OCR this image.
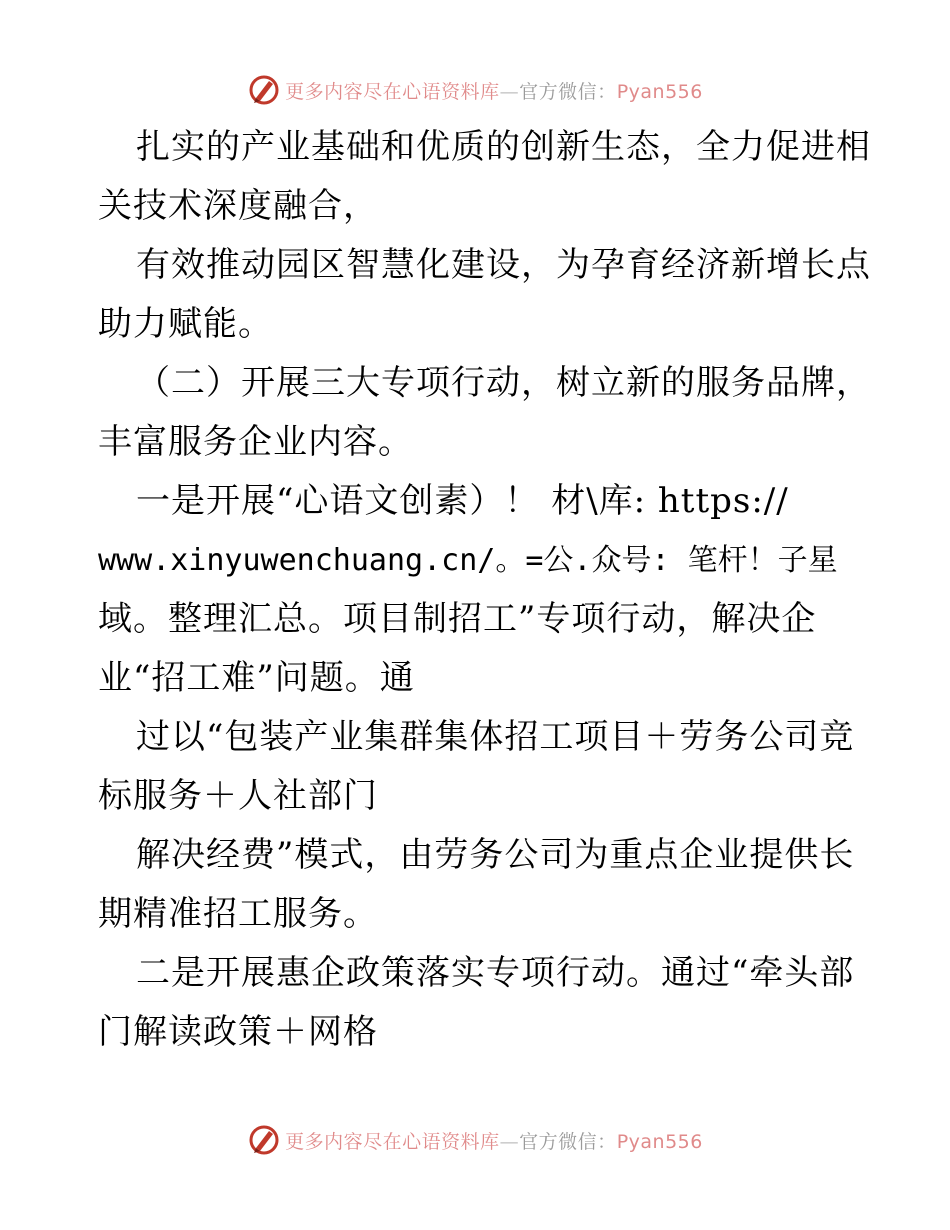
更多内容尽在心语资料库—官方微信：Pyan556
扎实的产业基础和优质的创新生态，全力促进相
关技术深度融合，
有效推动园区智慧化建设，为孕育经济新增长点
助力赋能。
（二）开展三大专项行动，树立新的服务品牌，
丰富服务企业内容。
一是开展“心语文创素）！ 材\库: https://
www.xinyuwenchuang.cn/。=公.众号: 笔杆！子星
域。整理汇总。项目制招工”专项行动，解决企
业“招工难”问题。通
过以“包装产业集群集体招工项目＋劳务公司竞
标服务＋人社部门
解决经费”模式，由劳务公司为重点企业提供长
期精准招工服务。
二是开展惠企政策落实专项行动。通过“牵头部
门解读政策＋网格
更多内容尽在心语资料库—官方微信：Pyan556
